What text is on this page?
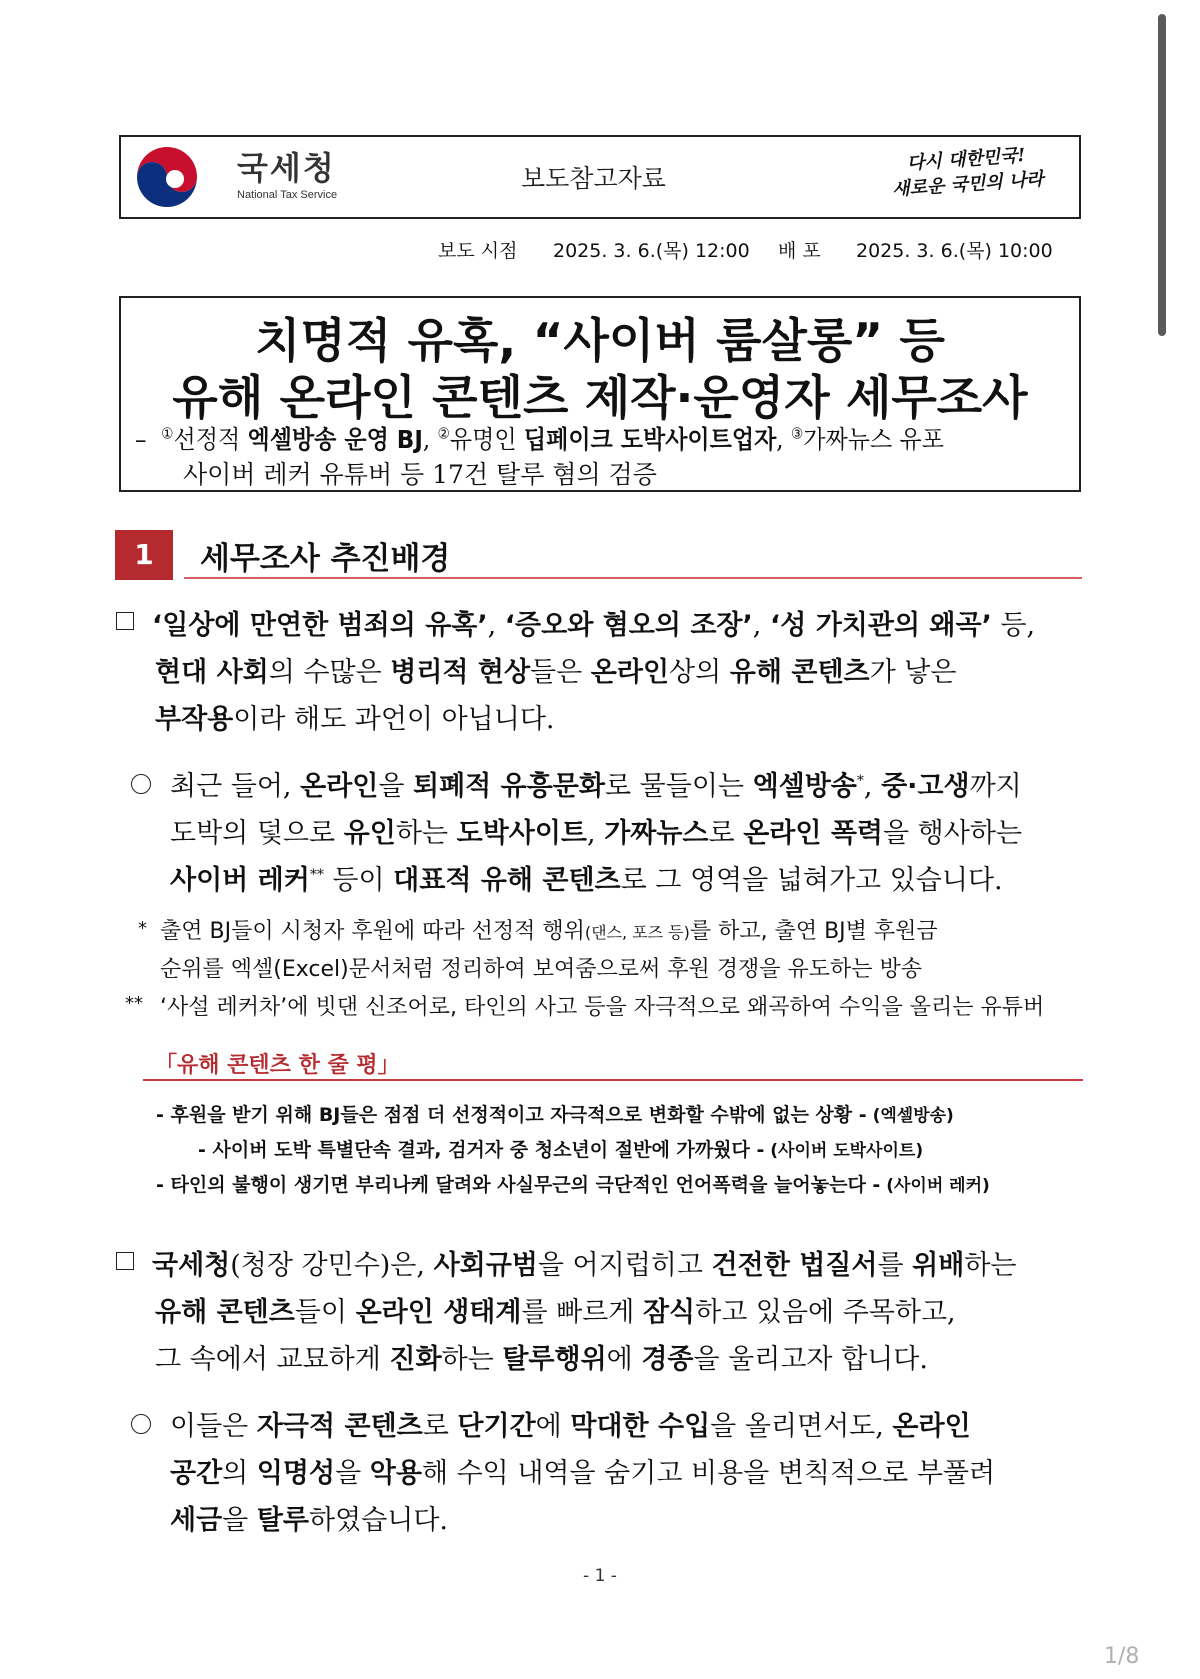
국세청
National Tax Service
보도참고자료
다시 대한민국!
새로운 국민의 나라
보도 시점 2025. 3. 6.(목) 12:00 배 포 2025. 3. 6.(목) 10:00
치명적 유혹, “사이버 룸살롱” 등
유해 온라인 콘텐츠 제작·운영자 세무조사
– ①선정적 엑셀방송 운영 BJ, ②유명인 딥페이크 도박사이트업자, ③가짜뉴스 유포
사이버 레커 유튜버 등 17건 탈루 혐의 검증
1	세무조사 추진배경
‘일상에 만연한 범죄의 유혹’, ‘증오와 혐오의 조장’, ‘성 가치관의 왜곡’ 등,
현대 사회의 수많은 병리적 현상들은 온라인상의 유해 콘텐츠가 낳은
부작용이라 해도 과언이 아닙니다.
최근 들어, 온라인을 퇴폐적 유흥문화로 물들이는 엑셀방송*, 중·고생까지
도박의 덫으로 유인하는 도박사이트, 가짜뉴스로 온라인 폭력을 행사하는
사이버 레커** 등이 대표적 유해 콘텐츠로 그 영역을 넓혀가고 있습니다.
* 출연 BJ들이 시청자 후원에 따라 선정적 행위(댄스, 포즈 등)를 하고, 출연 BJ별 후원금
순위를 엑셀(Excel)문서처럼 정리하여 보여줌으로써 후원 경쟁을 유도하는 방송
** ‘사설 레커차’에 빗댄 신조어로, 타인의 사고 등을 자극적으로 왜곡하여 수익을 올리는 유튜버
「유해 콘텐츠 한 줄 평」
- 후원을 받기 위해 BJ들은 점점 더 선정적이고 자극적으로 변화할 수밖에 없는 상황 - (엑셀방송)
- 사이버 도박 특별단속 결과, 검거자 중 청소년이 절반에 가까웠다 - (사이버 도박사이트)
- 타인의 불행이 생기면 부리나케 달려와 사실무근의 극단적인 언어폭력을 늘어놓는다 - (사이버 레커)
국세청(청장 강민수)은, 사회규범을 어지럽히고 건전한 법질서를 위배하는
유해 콘텐츠들이 온라인 생태계를 빠르게 잠식하고 있음에 주목하고,
그 속에서 교묘하게 진화하는 탈루행위에 경종을 울리고자 합니다.
이들은 자극적 콘텐츠로 단기간에 막대한 수입을 올리면서도, 온라인
공간의 익명성을 악용해 수익 내역을 숨기고 비용을 변칙적으로 부풀려
세금을 탈루하였습니다.
- 1 -
1/8
